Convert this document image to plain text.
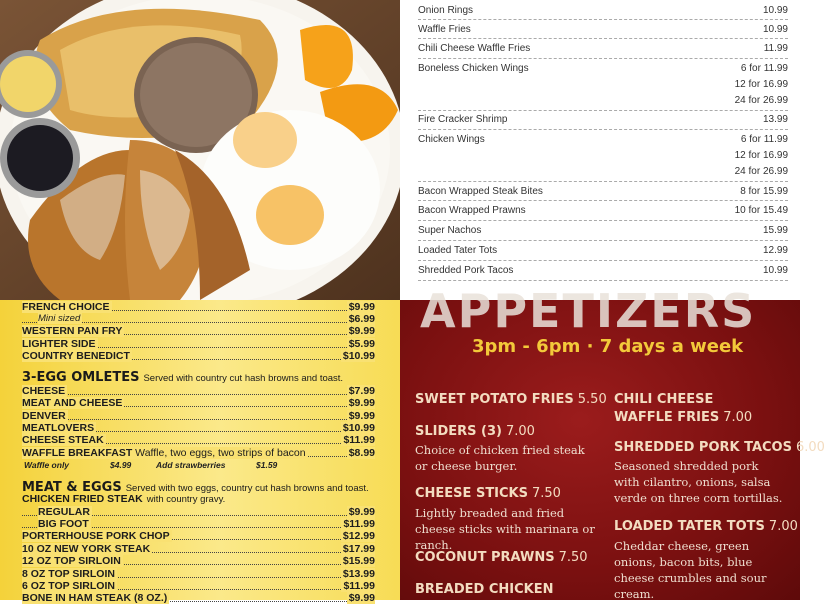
Onion Rings	10.99
Waffle Fries	10.99
Chili Cheese Waffle Fries	11.99
Boneless Chicken Wings	6 for 11.99
12 for 16.99
24 for 26.99
Fire Cracker Shrimp	13.99
Chicken Wings	6 for 11.99
12 for 16.99
24 for 26.99
Bacon Wrapped Steak Bites	8 for 15.99
Bacon Wrapped Prawns	10 for 15.49
Super Nachos	15.99
Loaded Tater Tots	12.99
Shredded Pork Tacos	10.99
FRENCH CHOICE	$9.99
Mini sized	$6.99
WESTERN PAN FRY	$9.99
LIGHTER SIDE	$5.99
COUNTRY BENEDICT	$10.99
3-EGG OMLETES Served with country cut hash browns and toast.
CHEESE	$7.99
MEAT AND CHEESE	$9.99
DENVER	$9.99
MEATLOVERS	$10.99
CHEESE STEAK	$11.99
WAFFLE BREAKFAST Waffle, two eggs, two strips of bacon	$8.99
Waffle only	$4.99	Add strawberries	$1.59
MEAT & EGGS Served with two eggs, country cut hash browns and toast.
CHICKEN FRIED STEAK with country gravy.
REGULAR	$9.99
BIG FOOT	$11.99
PORTERHOUSE PORK CHOP	$12.99
10 OZ NEW YORK STEAK	$17.99
12 OZ TOP SIRLOIN	$15.99
8 OZ TOP SIRLOIN	$13.99
6 OZ TOP SIRLOIN	$11.99
BONE IN HAM STEAK (8 OZ.)	$9.99
APPETIZERS
3pm - 6pm · 7 days a week
SWEET POTATO FRIES 5.50
SLIDERS (3) 7.00
Choice of chicken fried steak or cheese burger.
CHEESE STICKS 7.50
Lightly breaded and fried cheese sticks with marinara or ranch.
COCONUT PRAWNS 7.50
BREADED CHICKEN
CHILI CHEESE WAFFLE FRIES 7.00
SHREDDED PORK TACOS 6.00
Seasoned shredded pork with cilantro, onions, salsa verde on three corn tortillas.
LOADED TATER TOTS 7.00
Cheddar cheese, green onions, bacon bits, blue cheese crumbles and sour cream.
